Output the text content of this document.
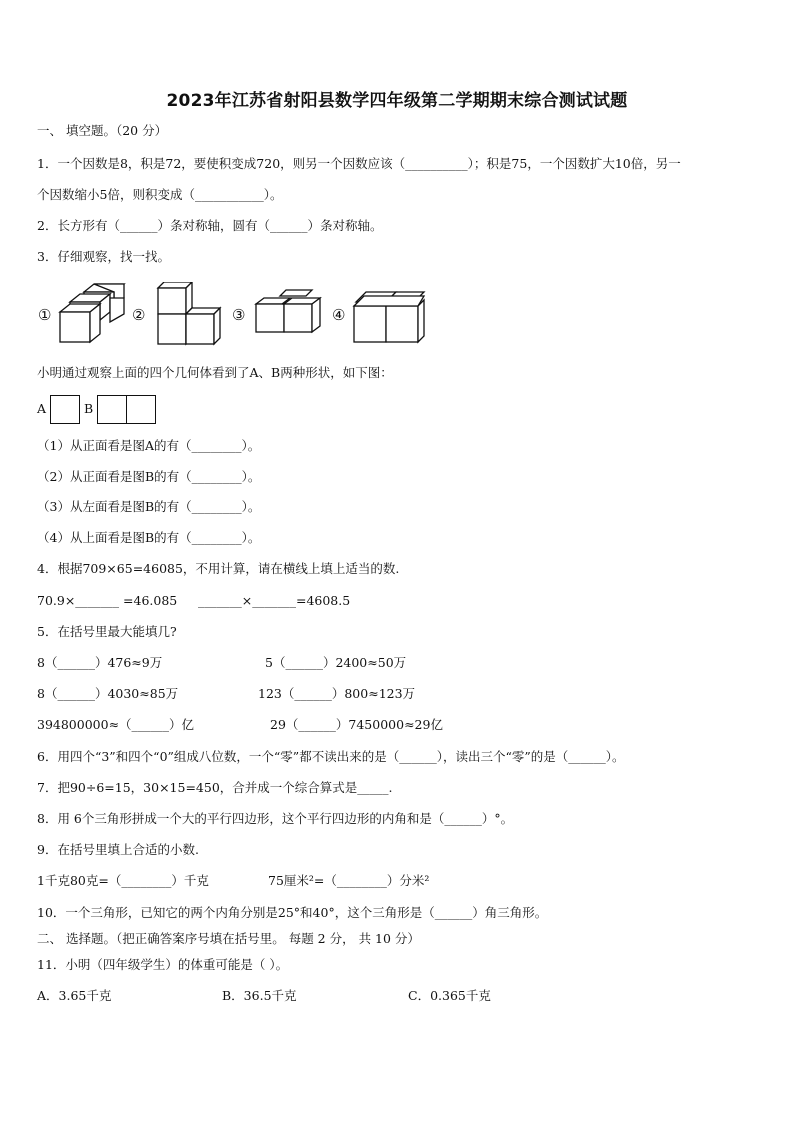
2023年江苏省射阳县数学四年级第二学期期末综合测试试题
一、 填空题。（20 分）
1．一个因数是8，积是72，要使积变成720，则另一个因数应该（__________）；积是75，一个因数扩大10倍，另一
个因数缩小5倍，则积变成（___________）。
2．长方形有（______）条对称轴，圆有（______）条对称轴。
3．仔细观察，找一找。
①	②	③	④
小明通过观察上面的四个几何体看到了A、B两种形状，如下图：
A	B
（1）从正面看是图A的有（________）。
（2）从正面看是图B的有（________）。
（3）从左面看是图B的有（________）。
（4）从上面看是图B的有（________）。
4．根据709×65=46085，不用计算，请在横线上填上适当的数.
70.9×_______ =46.085 _______×_______=4608.5
5．在括号里最大能填几?
8（______）476≈9万	5（______）2400≈50万
8（______）4030≈85万	123（______）800≈123万
394800000≈（______）亿	29（______）7450000≈29亿
6．用四个“3”和四个“0”组成八位数，一个“零”都不读出来的是（______），读出三个“零”的是（______）。
7．把90÷6=15，30×15=450，合并成一个综合算式是_____.
8．用 6个三角形拼成一个大的平行四边形，这个平行四边形的内角和是（______）°。
9．在括号里填上合适的小数.
1千克80克=（________）千克	75厘米²=（________）分米²
10．一个三角形，已知它的两个内角分别是25°和40°，这个三角形是（______）角三角形。
二、 选择题。（把正确答案序号填在括号里。 每题 2 分， 共 10 分）
11．小明（四年级学生）的体重可能是（ ）。
A．3.65千克	B．36.5千克	C．0.365千克
